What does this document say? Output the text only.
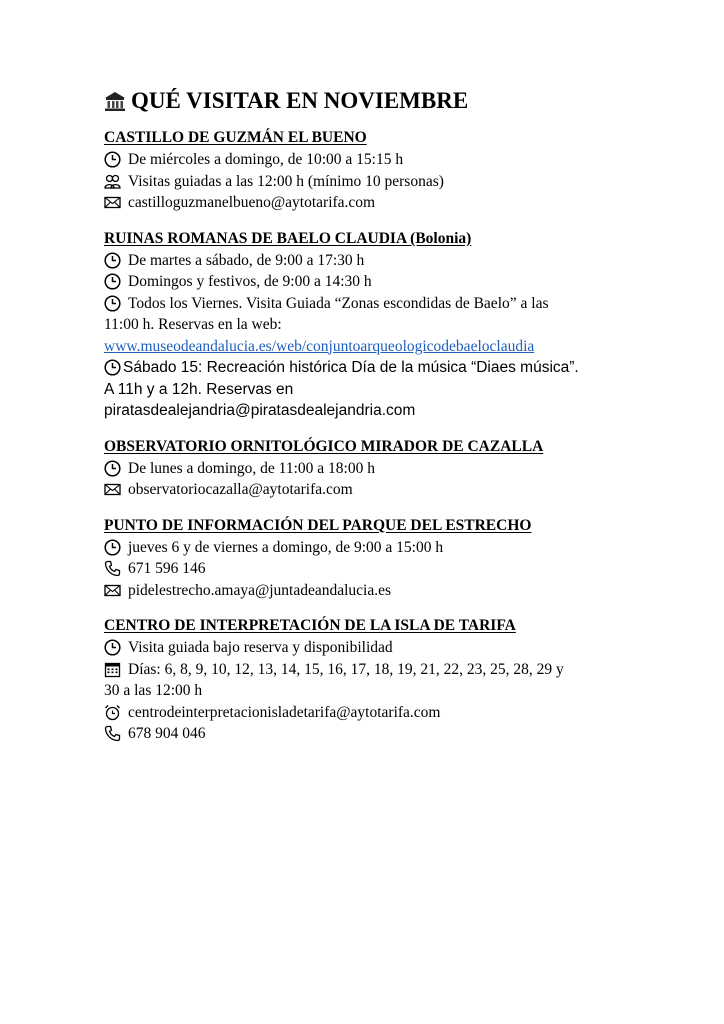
QUÉ VISITAR EN NOVIEMBRE
CASTILLO DE GUZMÁN EL BUENO
De miércoles a domingo, de 10:00 a 15:15 h
Visitas guiadas a las 12:00 h (mínimo 10 personas)
castilloguzmanelbueno@aytotarifa.com
RUINAS ROMANAS DE BAELO CLAUDIA (Bolonia)
De martes a sábado, de 9:00 a 17:30 h
Domingos y festivos, de 9:00 a 14:30 h
Todos los Viernes. Visita Guiada “Zonas escondidas de Baelo” a las
11:00 h. Reservas en la web:
www.museodeandalucia.es/web/conjuntoarqueologicodebaeloclaudia
Sábado 15: Recreación histórica Día de la música “Diaes música”.
A 11h y a 12h. Reservas en
piratasdealejandria@piratasdealejandria.com
OBSERVATORIO ORNITOLÓGICO MIRADOR DE CAZALLA
De lunes a domingo, de 11:00 a 18:00 h
observatoriocazalla@aytotarifa.com
PUNTO DE INFORMACIÓN DEL PARQUE DEL ESTRECHO
jueves 6 y de viernes a domingo, de 9:00 a 15:00 h
671 596 146
pidelestrecho.amaya@juntadeandalucia.es
CENTRO DE INTERPRETACIÓN DE LA ISLA DE TARIFA
Visita guiada bajo reserva y disponibilidad
Días: 6, 8, 9, 10, 12, 13, 14, 15, 16, 17, 18, 19, 21, 22, 23, 25, 28, 29 y
30 a las 12:00 h
centrodeinterpretacionisladetarifa@aytotarifa.com
678 904 046
